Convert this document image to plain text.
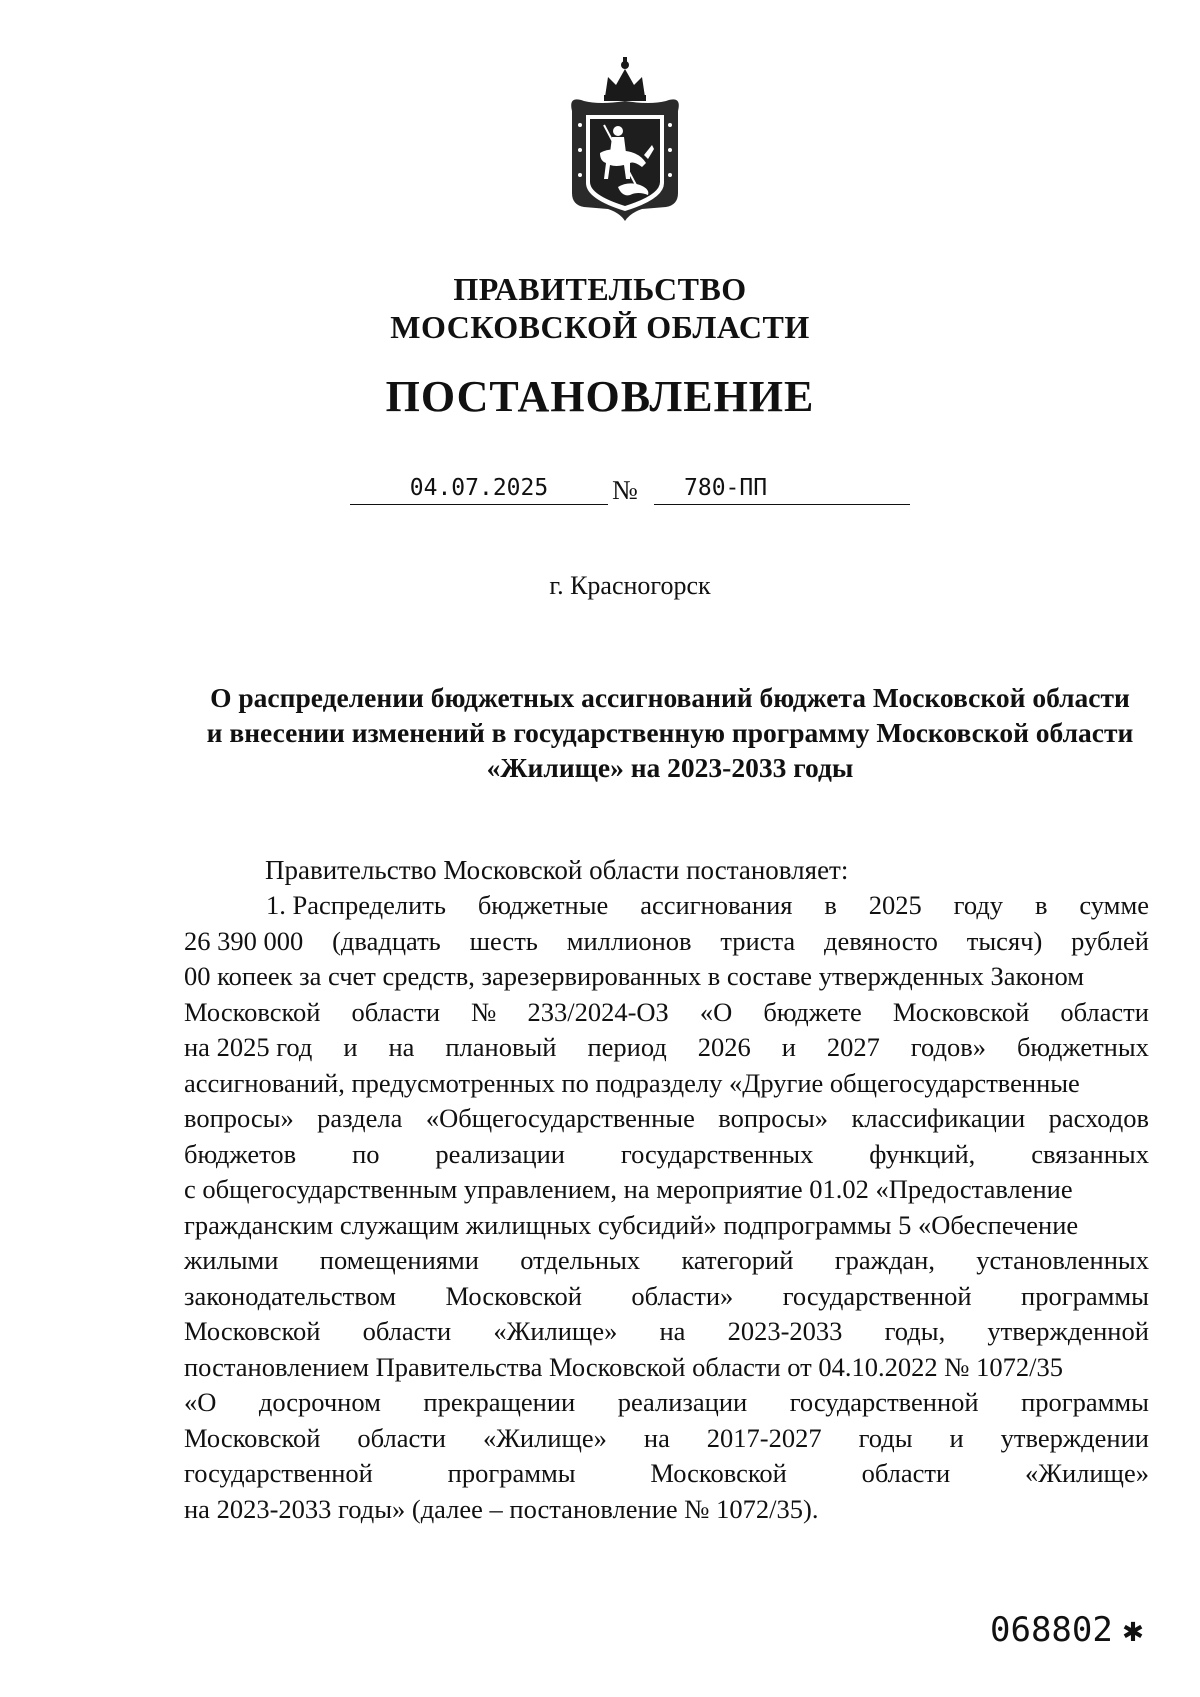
ПРАВИТЕЛЬСТВО
МОСКОВСКОЙ ОБЛАСТИ
ПОСТАНОВЛЕНИЕ
04.07.2025	№	780-ПП
г. Красногорск
О распределении бюджетных ассигнований бюджета Московской области
и внесении изменений в государственную программу Московской области
«Жилище» на 2023-2033 годы
Правительство Московской области постановляет:
1. Распределить бюджетные ассигнования в 2025 году в сумме
26 390 000 (двадцать шесть миллионов триста девяносто тысяч) рублей
00 копеек за счет средств, зарезервированных в составе утвержденных Законом
Московской области № 233/2024-ОЗ «О бюджете Московской области
на 2025 год и на плановый период 2026 и 2027 годов» бюджетных
ассигнований, предусмотренных по подразделу «Другие общегосударственные
вопросы» раздела «Общегосударственные вопросы» классификации расходов
бюджетов по реализации государственных функций, связанных
с общегосударственным управлением, на мероприятие 01.02 «Предоставление
гражданским служащим жилищных субсидий» подпрограммы 5 «Обеспечение
жилыми помещениями отдельных категорий граждан, установленных
законодательством Московской области» государственной программы
Московской области «Жилище» на 2023-2033 годы, утвержденной
постановлением Правительства Московской области от 04.10.2022 № 1072/35
«О досрочном прекращении реализации государственной программы
Московской области «Жилище» на 2017-2027 годы и утверждении
государственной	программы	Московской	области	«Жилище»
на 2023-2033 годы» (далее – постановление № 1072/35).
068802 ✱
